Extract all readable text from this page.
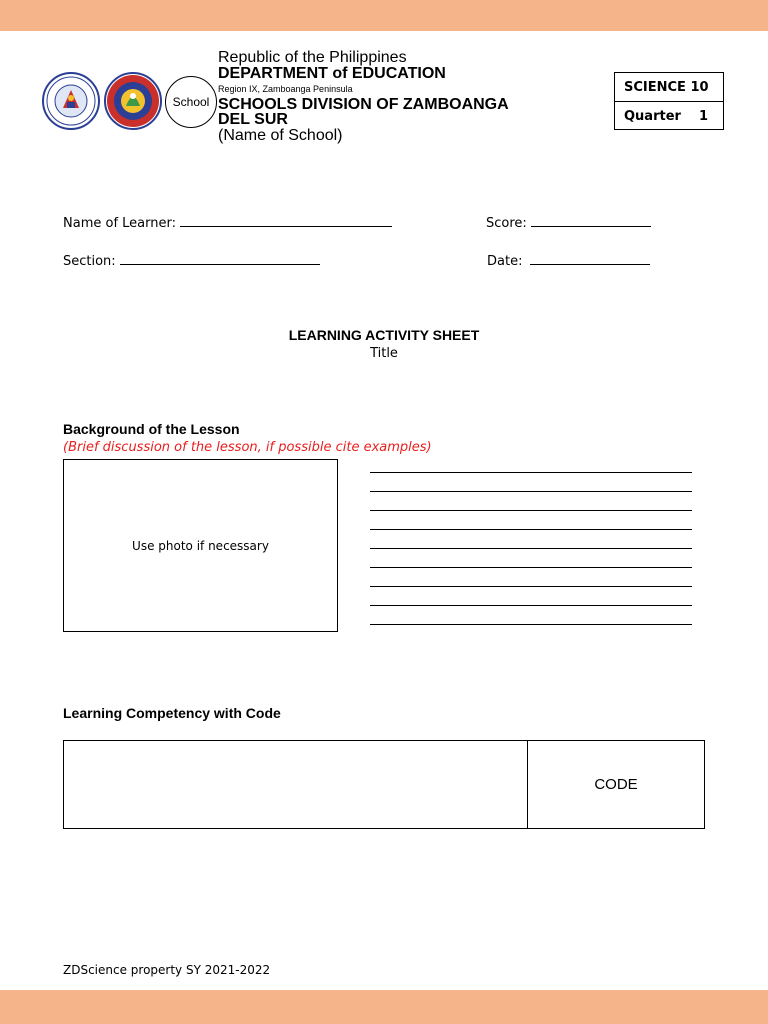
School
Republic of the Philippines
DEPARTMENT of EDUCATION
Region IX, Zamboanga Peninsula
SCHOOLS DIVISION OF ZAMBOANGA
DEL SUR
(Name of School)
SCIENCE 10
Quarter 1
Name of Learner:	Score:
Section:	Date:
LEARNING ACTIVITY SHEET
Title
Background of the Lesson
(Brief discussion of the lesson, if possible cite examples)
Use photo if necessary
Learning Competency with Code
CODE
ZDScience property SY 2021-2022
